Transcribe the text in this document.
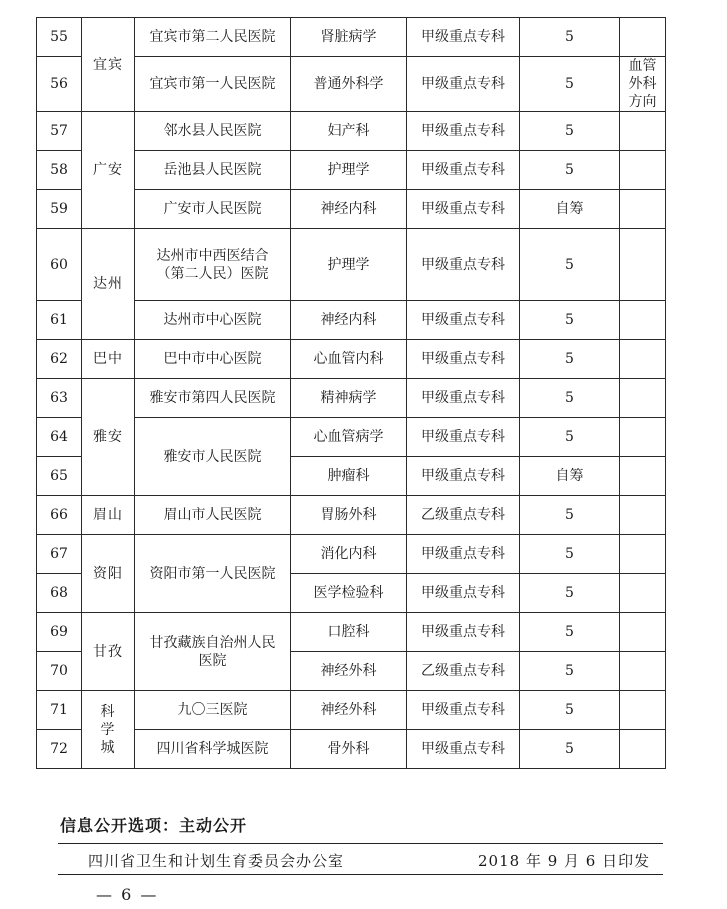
55	宜宾	宜宾市第二人民医院	肾脏病学	甲级重点专科	5	
56		宜宾市第一人民医院	普通外科学	甲级重点专科	5	血管外科方向
57	广安	邻水县人民医院	妇产科	甲级重点专科	5	
58		岳池县人民医院	护理学	甲级重点专科	5	
59		广安市人民医院	神经内科	甲级重点专科	自筹	
60	达州	达州市中西医结合（第二人民）医院	护理学	甲级重点专科	5	
61		达州市中心医院	神经内科	甲级重点专科	5	
62	巴中	巴中市中心医院	心血管内科	甲级重点专科	5	
63	雅安	雅安市第四人民医院	精神病学	甲级重点专科	5	
64		雅安市人民医院	心血管病学	甲级重点专科	5	
65			肿瘤科	甲级重点专科	自筹	
66	眉山	眉山市人民医院	胃肠外科	乙级重点专科	5	
67	资阳	资阳市第一人民医院	消化内科	甲级重点专科	5	
68			医学检验科	甲级重点专科	5	
69	甘孜	甘孜藏族自治州人民医院	口腔科	甲级重点专科	5	
70			神经外科	乙级重点专科	5	
71	科学城	九〇三医院	神经外科	甲级重点专科	5	
72		四川省科学城医院	骨外科	甲级重点专科	5	
信息公开选项：主动公开
四川省卫生和计划生育委员会办公室	2018 年 9 月 6 日印发
— 6 —
